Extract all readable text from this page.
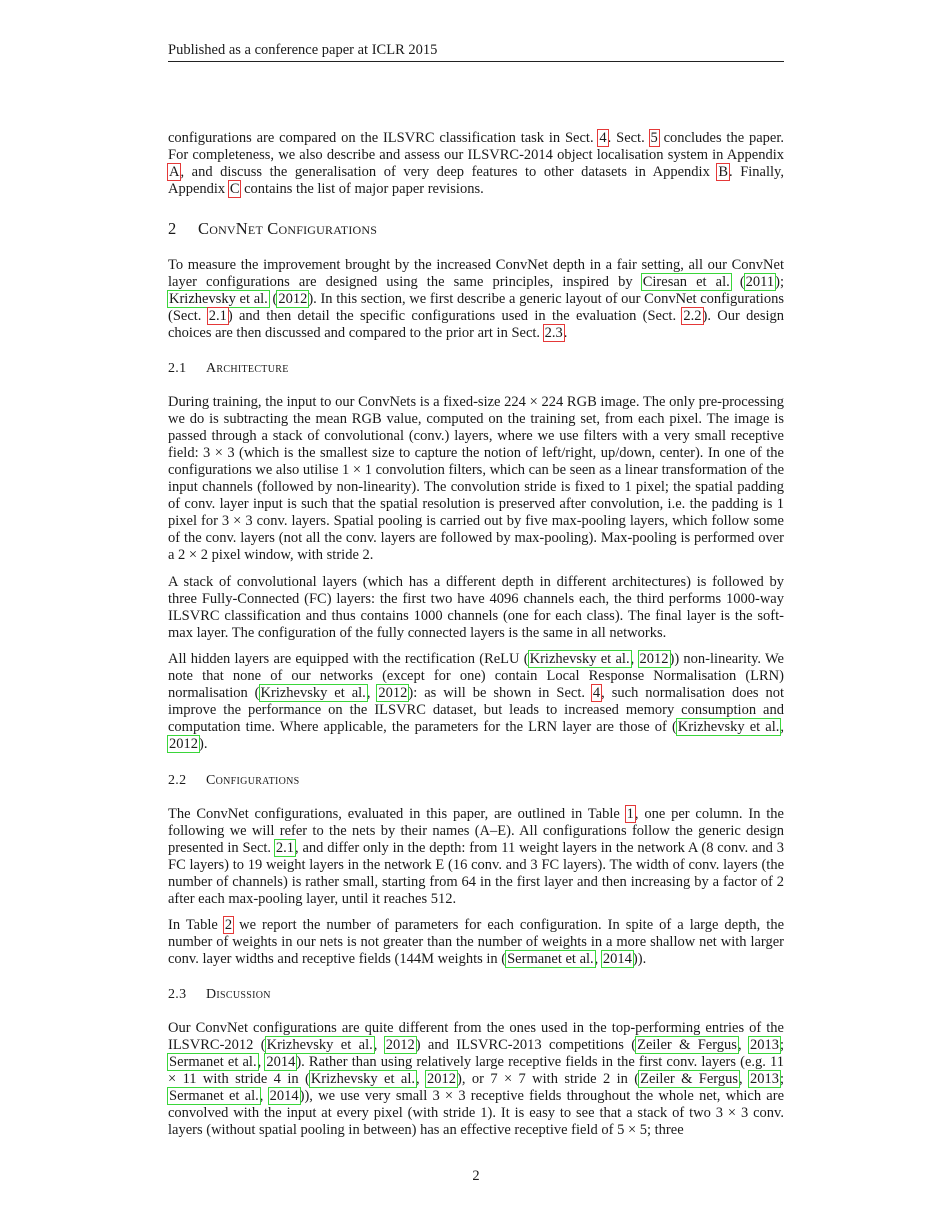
Published as a conference paper at ICLR 2015

configurations are compared on the ILSVRC classification task in Sect. 4. Sect. 5 concludes the paper. For completeness, we also describe and assess our ILSVRC-2014 object localisation system in Appendix A, and discuss the generalisation of very deep features to other datasets in Appendix B. Finally, Appendix C contains the list of major paper revisions.

2 ConvNet Configurations

To measure the improvement brought by the increased ConvNet depth in a fair setting, all our ConvNet layer configurations are designed using the same principles, inspired by Ciresan et al. (2011); Krizhevsky et al. (2012). In this section, we first describe a generic layout of our ConvNet configurations (Sect. 2.1) and then detail the specific configurations used in the evaluation (Sect. 2.2). Our design choices are then discussed and compared to the prior art in Sect. 2.3.

2.1 Architecture

During training, the input to our ConvNets is a fixed-size 224 × 224 RGB image. The only pre-processing we do is subtracting the mean RGB value, computed on the training set, from each pixel. The image is passed through a stack of convolutional (conv.) layers, where we use filters with a very small receptive field: 3 × 3 (which is the smallest size to capture the notion of left/right, up/down, center). In one of the configurations we also utilise 1 × 1 convolution filters, which can be seen as a linear transformation of the input channels (followed by non-linearity). The convolution stride is fixed to 1 pixel; the spatial padding of conv. layer input is such that the spatial resolution is preserved after convolution, i.e. the padding is 1 pixel for 3 × 3 conv. layers. Spatial pooling is carried out by five max-pooling layers, which follow some of the conv. layers (not all the conv. layers are followed by max-pooling). Max-pooling is performed over a 2 × 2 pixel window, with stride 2.

A stack of convolutional layers (which has a different depth in different architectures) is followed by three Fully-Connected (FC) layers: the first two have 4096 channels each, the third performs 1000-way ILSVRC classification and thus contains 1000 channels (one for each class). The final layer is the soft-max layer. The configuration of the fully connected layers is the same in all networks.

All hidden layers are equipped with the rectification (ReLU (Krizhevsky et al., 2012)) non-linearity. We note that none of our networks (except for one) contain Local Response Normalisation (LRN) normalisation (Krizhevsky et al., 2012): as will be shown in Sect. 4, such normalisation does not improve the performance on the ILSVRC dataset, but leads to increased memory consumption and computation time. Where applicable, the parameters for the LRN layer are those of (Krizhevsky et al., 2012).

2.2 Configurations

The ConvNet configurations, evaluated in this paper, are outlined in Table 1, one per column. In the following we will refer to the nets by their names (A–E). All configurations follow the generic design presented in Sect. 2.1, and differ only in the depth: from 11 weight layers in the network A (8 conv. and 3 FC layers) to 19 weight layers in the network E (16 conv. and 3 FC layers). The width of conv. layers (the number of channels) is rather small, starting from 64 in the first layer and then increasing by a factor of 2 after each max-pooling layer, until it reaches 512.

In Table 2 we report the number of parameters for each configuration. In spite of a large depth, the number of weights in our nets is not greater than the number of weights in a more shallow net with larger conv. layer widths and receptive fields (144M weights in (Sermanet et al., 2014)).

2.3 Discussion

Our ConvNet configurations are quite different from the ones used in the top-performing entries of the ILSVRC-2012 (Krizhevsky et al., 2012) and ILSVRC-2013 competitions (Zeiler & Fergus, 2013; Sermanet et al., 2014). Rather than using relatively large receptive fields in the first conv. layers (e.g. 11 × 11 with stride 4 in (Krizhevsky et al., 2012), or 7 × 7 with stride 2 in (Zeiler & Fergus, 2013; Sermanet et al., 2014)), we use very small 3 × 3 receptive fields throughout the whole net, which are convolved with the input at every pixel (with stride 1). It is easy to see that a stack of two 3 × 3 conv. layers (without spatial pooling in between) has an effective receptive field of 5 × 5; three

2
